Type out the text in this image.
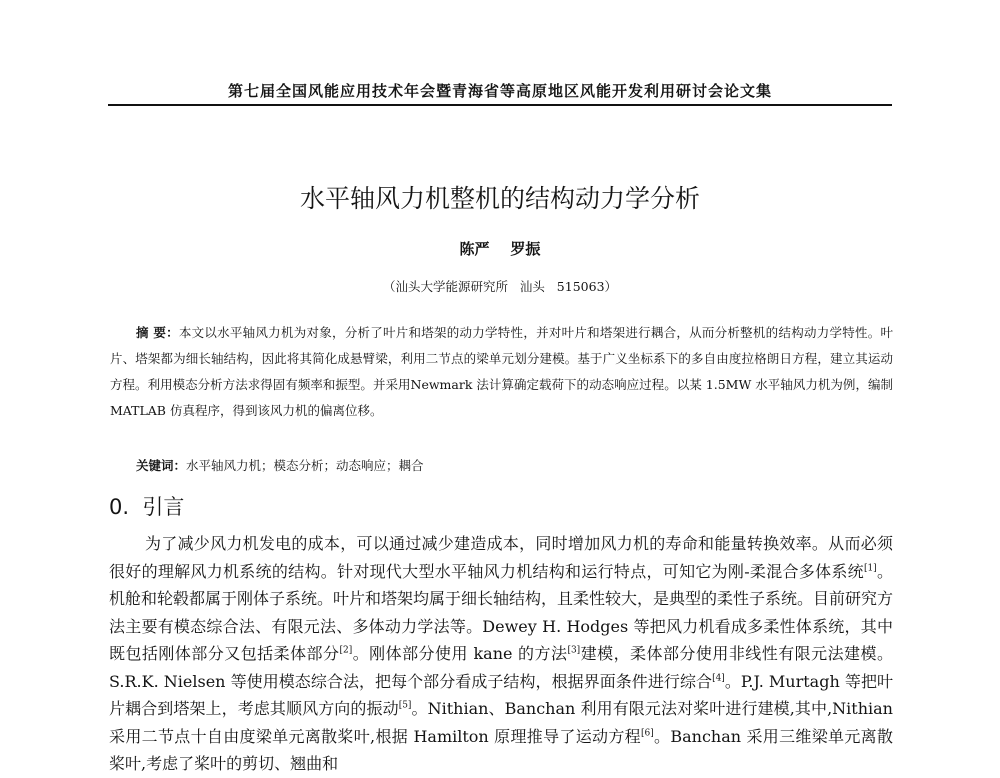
第七届全国风能应用技术年会暨青海省等高原地区风能开发利用研讨会论文集
水平轴风力机整机的结构动力学分析
陈严    罗振
（汕头大学能源研究所   汕头   515063）
摘 要：本文以水平轴风力机为对象，分析了叶片和塔架的动力学特性，并对叶片和塔架进行耦合，从而分析整机的结构动力学特性。叶片、塔架都为细长轴结构，因此将其简化成悬臂梁，利用二节点的梁单元划分建模。基于广义坐标系下的多自由度拉格朗日方程，建立其运动方程。利用模态分析方法求得固有频率和振型。并采用Newmark 法计算确定载荷下的动态响应过程。以某 1.5MW 水平轴风力机为例，编制 MATLAB 仿真程序，得到该风力机的偏离位移。
关键词：水平轴风力机；模态分析；动态响应；耦合
0.  引言
为了减少风力机发电的成本，可以通过减少建造成本，同时增加风力机的寿命和能量转换效率。从而必须很好的理解风力机系统的结构。针对现代大型水平轴风力机结构和运行特点，可知它为刚-柔混合多体系统[1]。机舱和轮毂都属于刚体子系统。叶片和塔架均属于细长轴结构，且柔性较大，是典型的柔性子系统。目前研究方法主要有模态综合法、有限元法、多体动力学法等。Dewey H. Hodges 等把风力机看成多柔性体系统，其中既包括刚体部分又包括柔体部分[2]。刚体部分使用 kane 的方法[3]建模，柔体部分使用非线性有限元法建模。S.R.K. Nielsen 等使用模态综合法，把每个部分看成子结构，根据界面条件进行综合[4]。P.J. Murtagh 等把叶片耦合到塔架上，考虑其顺风方向的振动[5]。Nithian、Banchan 利用有限元法对桨叶进行建模,其中,Nithian 采用二节点十自由度梁单元离散桨叶,根据 Hamilton 原理推导了运动方程[6]。Banchan 采用三维梁单元离散桨叶,考虑了桨叶的剪切、翘曲和
